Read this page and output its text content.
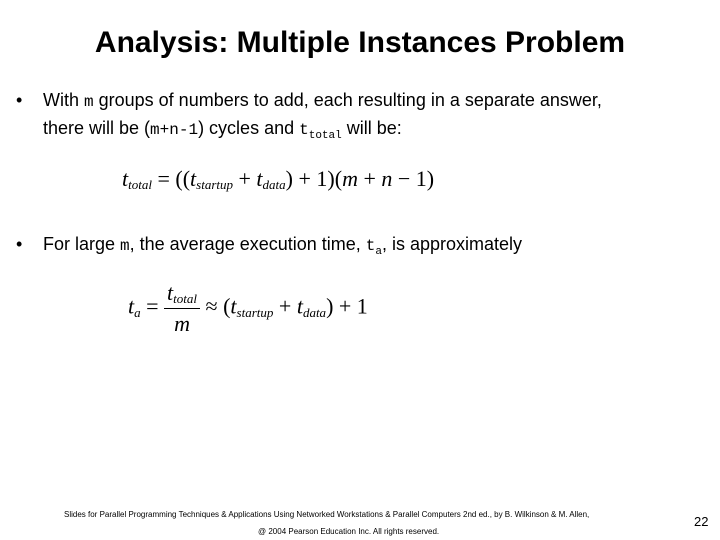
Analysis: Multiple Instances Problem
•	With m groups of numbers to add, each resulting in a separate answer,
there will be (m+n-1) cycles and $t_{total}$ will be:
$t_{total} = ((t_{startup} + t_{data}) + 1)(m + n - 1)$
•	For large m, the average execution time, $t_a$, is approximately
$t_a = \frac{t_{total}}{m} \approx (t_{startup} + t_{data}) + 1$
Slides for Parallel Programming Techniques & Applications Using Networked Workstations & Parallel Computers 2nd ed., by B. Wilkinson & M. Allen,
@ 2004 Pearson Education Inc. All rights reserved.
22
